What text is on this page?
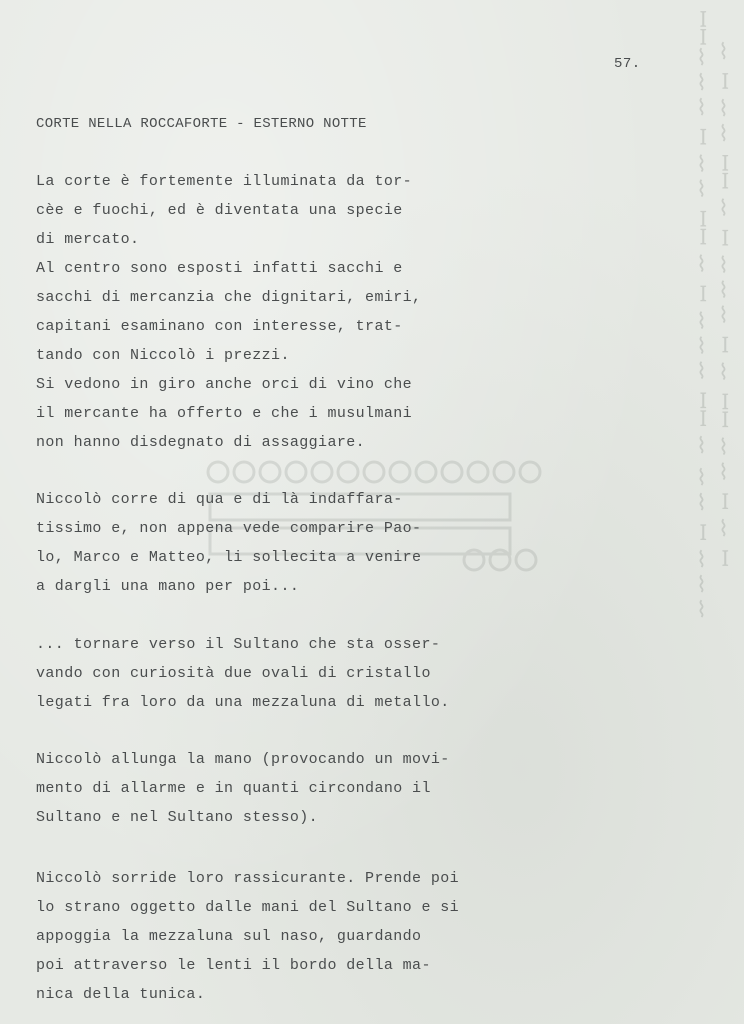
ꟷꟷ⌇⌇⌇ ꟷ ⌇⌇ ꟷꟷ ⌇ ꟷ ⌇⌇⌇ ꟷꟷ ⌇ ⌇⌇ ꟷ ⌇⌇⌇
⌇ ꟷ ⌇⌇ ꟷꟷ ⌇ ꟷ ⌇⌇⌇ ꟷ ⌇ ꟷꟷ ⌇⌇ ꟷ ⌇ ꟷ
57.
CORTE NELLA ROCCAFORTE - ESTERNO NOTTE
La corte è fortemente illuminata da tor-
cèe e fuochi, ed è diventata una specie
di mercato.
Al centro sono esposti infatti sacchi e
sacchi di mercanzia che dignitari, emiri,
capitani esaminano con interesse, trat-
tando con Niccolò i prezzi.
Si vedono in giro anche orci di vino che
il mercante ha offerto e che i musulmani
non hanno disdegnato di assaggiare.
Niccolò corre di qua e di là indaffara-
tissimo e, non appena vede comparire Pao-
lo, Marco e Matteo, li sollecita a venire
a dargli una mano per poi...
... tornare verso il Sultano che sta osser-
vando con curiosità due ovali di cristallo
legati fra loro da una mezzaluna di metallo.
Niccolò allunga la mano (provocando un movi-
mento di allarme e in quanti circondano il
Sultano e nel Sultano stesso).
Niccolò sorride loro rassicurante. Prende poi
lo strano oggetto dalle mani del Sultano e si
appoggia la mezzaluna sul naso, guardando
poi attraverso le lenti il bordo della ma-
nica della tunica.
